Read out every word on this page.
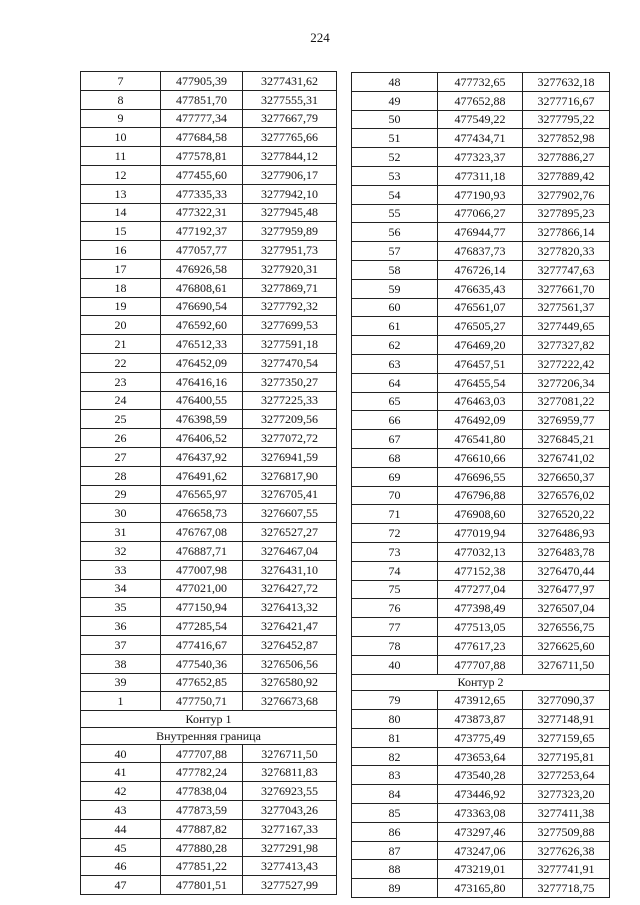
224
7	477905,39	3277431,62
8	477851,70	3277555,31
9	477777,34	3277667,79
10	477684,58	3277765,66
11	477578,81	3277844,12
12	477455,60	3277906,17
13	477335,33	3277942,10
14	477322,31	3277945,48
15	477192,37	3277959,89
16	477057,77	3277951,73
17	476926,58	3277920,31
18	476808,61	3277869,71
19	476690,54	3277792,32
20	476592,60	3277699,53
21	476512,33	3277591,18
22	476452,09	3277470,54
23	476416,16	3277350,27
24	476400,55	3277225,33
25	476398,59	3277209,56
26	476406,52	3277072,72
27	476437,92	3276941,59
28	476491,62	3276817,90
29	476565,97	3276705,41
30	476658,73	3276607,55
31	476767,08	3276527,27
32	476887,71	3276467,04
33	477007,98	3276431,10
34	477021,00	3276427,72
35	477150,94	3276413,32
36	477285,54	3276421,47
37	477416,67	3276452,87
38	477540,36	3276506,56
39	477652,85	3276580,92
1	477750,71	3276673,68
Контур 1		
Внутренняя граница		
40	477707,88	3276711,50
41	477782,24	3276811,83
42	477838,04	3276923,55
43	477873,59	3277043,26
44	477887,82	3277167,33
45	477880,28	3277291,98
46	477851,22	3277413,43
47	477801,51	3277527,99
48	477732,65	3277632,18
49	477652,88	3277716,67
50	477549,22	3277795,22
51	477434,71	3277852,98
52	477323,37	3277886,27
53	477311,18	3277889,42
54	477190,93	3277902,76
55	477066,27	3277895,23
56	476944,77	3277866,14
57	476837,73	3277820,33
58	476726,14	3277747,63
59	476635,43	3277661,70
60	476561,07	3277561,37
61	476505,27	3277449,65
62	476469,20	3277327,82
63	476457,51	3277222,42
64	476455,54	3277206,34
65	476463,03	3277081,22
66	476492,09	3276959,77
67	476541,80	3276845,21
68	476610,66	3276741,02
69	476696,55	3276650,37
70	476796,88	3276576,02
71	476908,60	3276520,22
72	477019,94	3276486,93
73	477032,13	3276483,78
74	477152,38	3276470,44
75	477277,04	3276477,97
76	477398,49	3276507,04
77	477513,05	3276556,75
78	477617,23	3276625,60
40	477707,88	3276711,50
Контур 2		
79	473912,65	3277090,37
80	473873,87	3277148,91
81	473775,49	3277159,65
82	473653,64	3277195,81
83	473540,28	3277253,64
84	473446,92	3277323,20
85	473363,08	3277411,38
86	473297,46	3277509,88
87	473247,06	3277626,38
88	473219,01	3277741,91
89	473165,80	3277718,75
